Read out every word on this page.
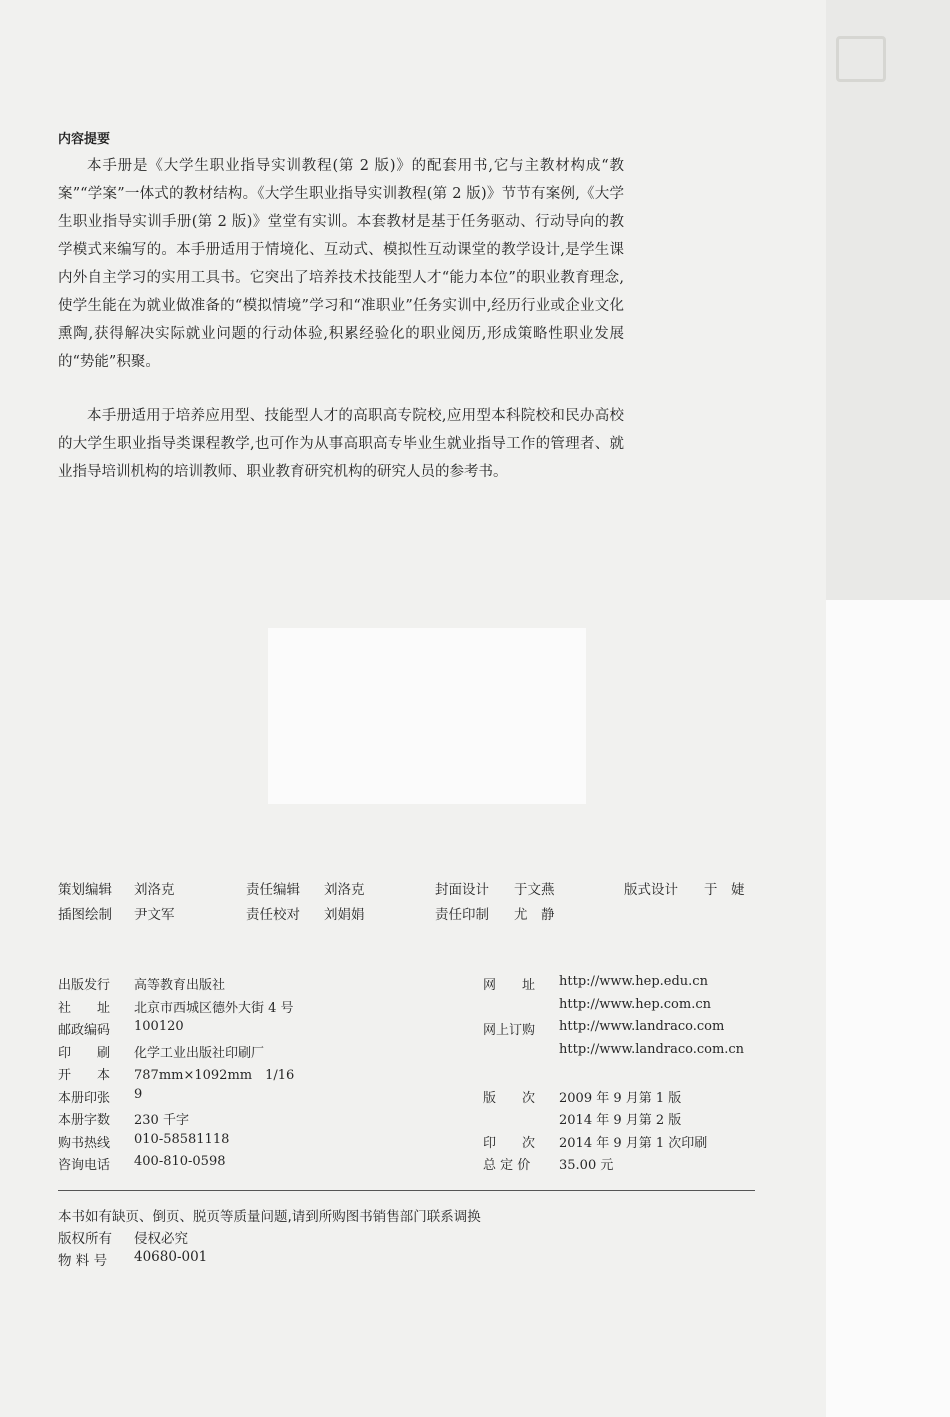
内容提要
本手册是《大学生职业指导实训教程(第 2 版)》的配套用书,它与主教材构成“教案”“学案”一体式的教材结构。《大学生职业指导实训教程(第 2 版)》节节有案例,《大学生职业指导实训手册(第 2 版)》堂堂有实训。本套教材是基于任务驱动、行动导向的教学模式来编写的。本手册适用于情境化、互动式、模拟性互动课堂的教学设计,是学生课内外自主学习的实用工具书。它突出了培养技术技能型人才“能力本位”的职业教育理念,使学生能在为就业做准备的“模拟情境”学习和“准职业”任务实训中,经历行业或企业文化熏陶,获得解决实际就业问题的行动体验,积累经验化的职业阅历,形成策略性职业发展的“势能”积聚。
本手册适用于培养应用型、技能型人才的高职高专院校,应用型本科院校和民办高校的大学生职业指导类课程教学,也可作为从事高职高专毕业生就业指导工作的管理者、就业指导培训机构的培训教师、职业教育研究机构的研究人员的参考书。
策划编辑 刘洛克	责任编辑 刘洛克	封面设计 于文燕	版式设计 于　婕
插图绘制 尹文军	责任校对 刘娟娟	责任印制 尤　静
出版发行	高等教育出版社
社　　址	北京市西城区德外大街 4 号
邮政编码	100120
印　　刷	化学工业出版社印刷厂
开　　本	787mm×1092mm　1/16
本册印张	9
本册字数	230 千字
购书热线	010-58581118
咨询电话	400-810-0598
网　　址	http://www.hep.edu.cn
http://www.hep.com.cn
网上订购	http://www.landraco.com
http://www.landraco.com.cn
版　　次	2009 年 9 月第 1 版
2014 年 9 月第 2 版
印　　次	2014 年 9 月第 1 次印刷
总 定 价	35.00 元
本书如有缺页、倒页、脱页等质量问题,请到所购图书销售部门联系调换
版权所有 侵权必究
物 料 号 40680-001
